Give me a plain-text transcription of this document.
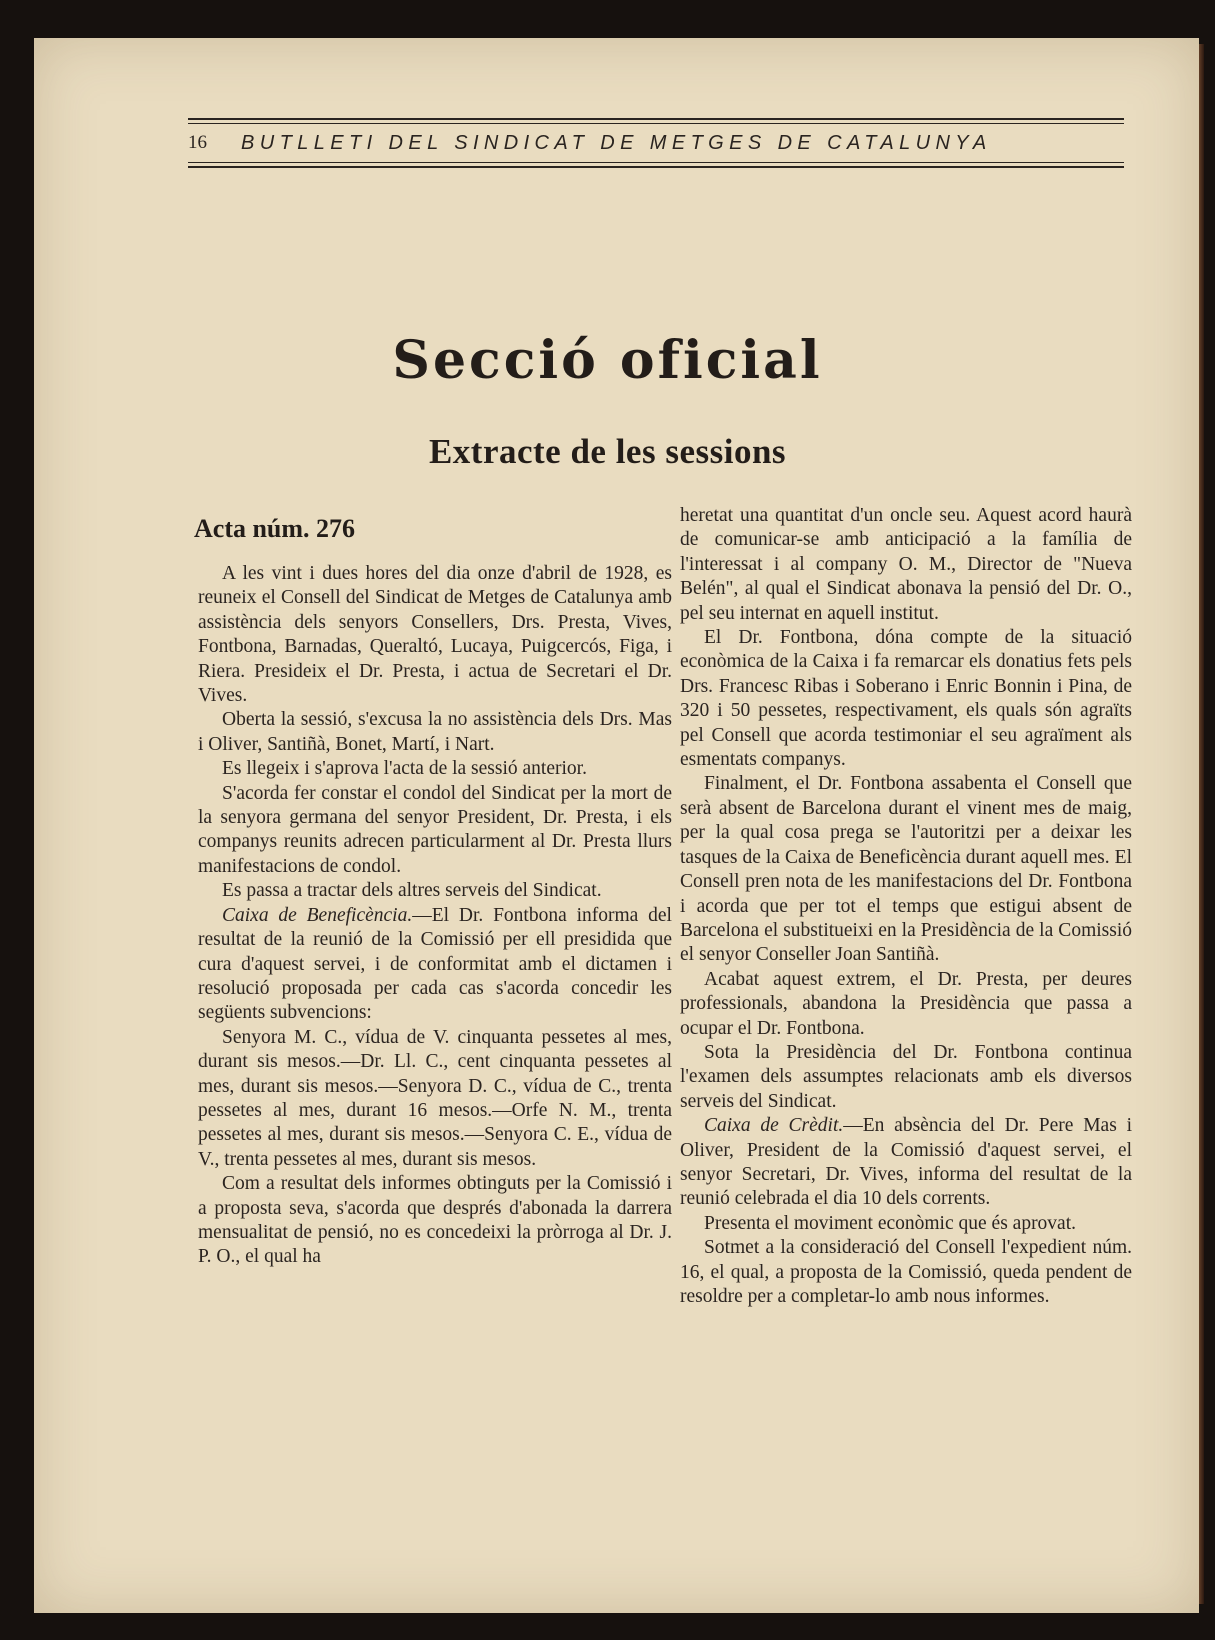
16 BUTLLETI DEL SINDICAT DE METGES DE CATALUNYA
Secció oficial
Extracte de les sessions
Acta núm. 276

A les vint i dues hores del dia onze d'abril de 1928, es reuneix el Consell del Sindicat de Metges de Catalunya amb assistència dels senyors Consellers, Drs. Presta, Vives, Fontbona, Barnadas, Queraltó, Lucaya, Puigcercós, Figa, i Riera. Presideix el Dr. Presta, i actua de Secretari el Dr. Vives.

Oberta la sessió, s'excusa la no assistència dels Drs. Mas i Oliver, Santiñà, Bonet, Martí, i Nart.

Es llegeix i s'aprova l'acta de la sessió anterior.

S'acorda fer constar el condol del Sindicat per la mort de la senyora germana del senyor President, Dr. Presta, i els companys reunits adrecen particularment al Dr. Presta llurs manifestacions de condol.

Es passa a tractar dels altres serveis del Sindicat.

Caixa de Beneficència.—El Dr. Fontbona informa del resultat de la reunió de la Comissió per ell presidida que cura d'aquest servei, i de conformitat amb el dictamen i resolució proposada per cada cas s'acorda concedir les següents subvencions:

Senyora M. C., vídua de V. cinquanta pessetes al mes, durant sis mesos.—Dr. Ll. C., cent cinquanta pessetes al mes, durant sis mesos.—Senyora D. C., vídua de C., trenta pessetes al mes, durant 16 mesos.—Orfe N. M., trenta pessetes al mes, durant sis mesos.—Senyora C. E., vídua de V., trenta pessetes al mes, durant sis mesos.

Com a resultat dels informes obtinguts per la Comissió i a proposta seva, s'acorda que després d'abonada la darrera mensualitat de pensió, no es concedeixi la pròrroga al Dr. J. P. O., el qual ha

heretat una quantitat d'un oncle seu. Aquest acord haurà de comunicar-se amb anticipació a la família de l'interessat i al company O. M., Director de "Nueva Belén", al qual el Sindicat abonava la pensió del Dr. O., pel seu internat en aquell institut.

El Dr. Fontbona, dóna compte de la situació econòmica de la Caixa i fa remarcar els donatius fets pels Drs. Francesc Ribas i Soberano i Enric Bonnin i Pina, de 320 i 50 pessetes, respectivament, els quals són agraïts pel Consell que acorda testimoniar el seu agraïment als esmentats companys.

Finalment, el Dr. Fontbona assabenta el Consell que serà absent de Barcelona durant el vinent mes de maig, per la qual cosa prega se l'autoritzi per a deixar les tasques de la Caixa de Beneficència durant aquell mes. El Consell pren nota de les manifestacions del Dr. Fontbona i acorda que per tot el temps que estigui absent de Barcelona el substitueixi en la Presidència de la Comissió el senyor Conseller Joan Santiñà.

Acabat aquest extrem, el Dr. Presta, per deures professionals, abandona la Presidència que passa a ocupar el Dr. Fontbona.

Sota la Presidència del Dr. Fontbona continua l'examen dels assumptes relacionats amb els diversos serveis del Sindicat.

Caixa de Crèdit.—En absència del Dr. Pere Mas i Oliver, President de la Comissió d'aquest servei, el senyor Secretari, Dr. Vives, informa del resultat de la reunió celebrada el dia 10 dels corrents.

Presenta el moviment econòmic que és aprovat.

Sotmet a la consideració del Consell l'expedient núm. 16, el qual, a proposta de la Comissió, queda pendent de resoldre per a completar-lo amb nous informes.
